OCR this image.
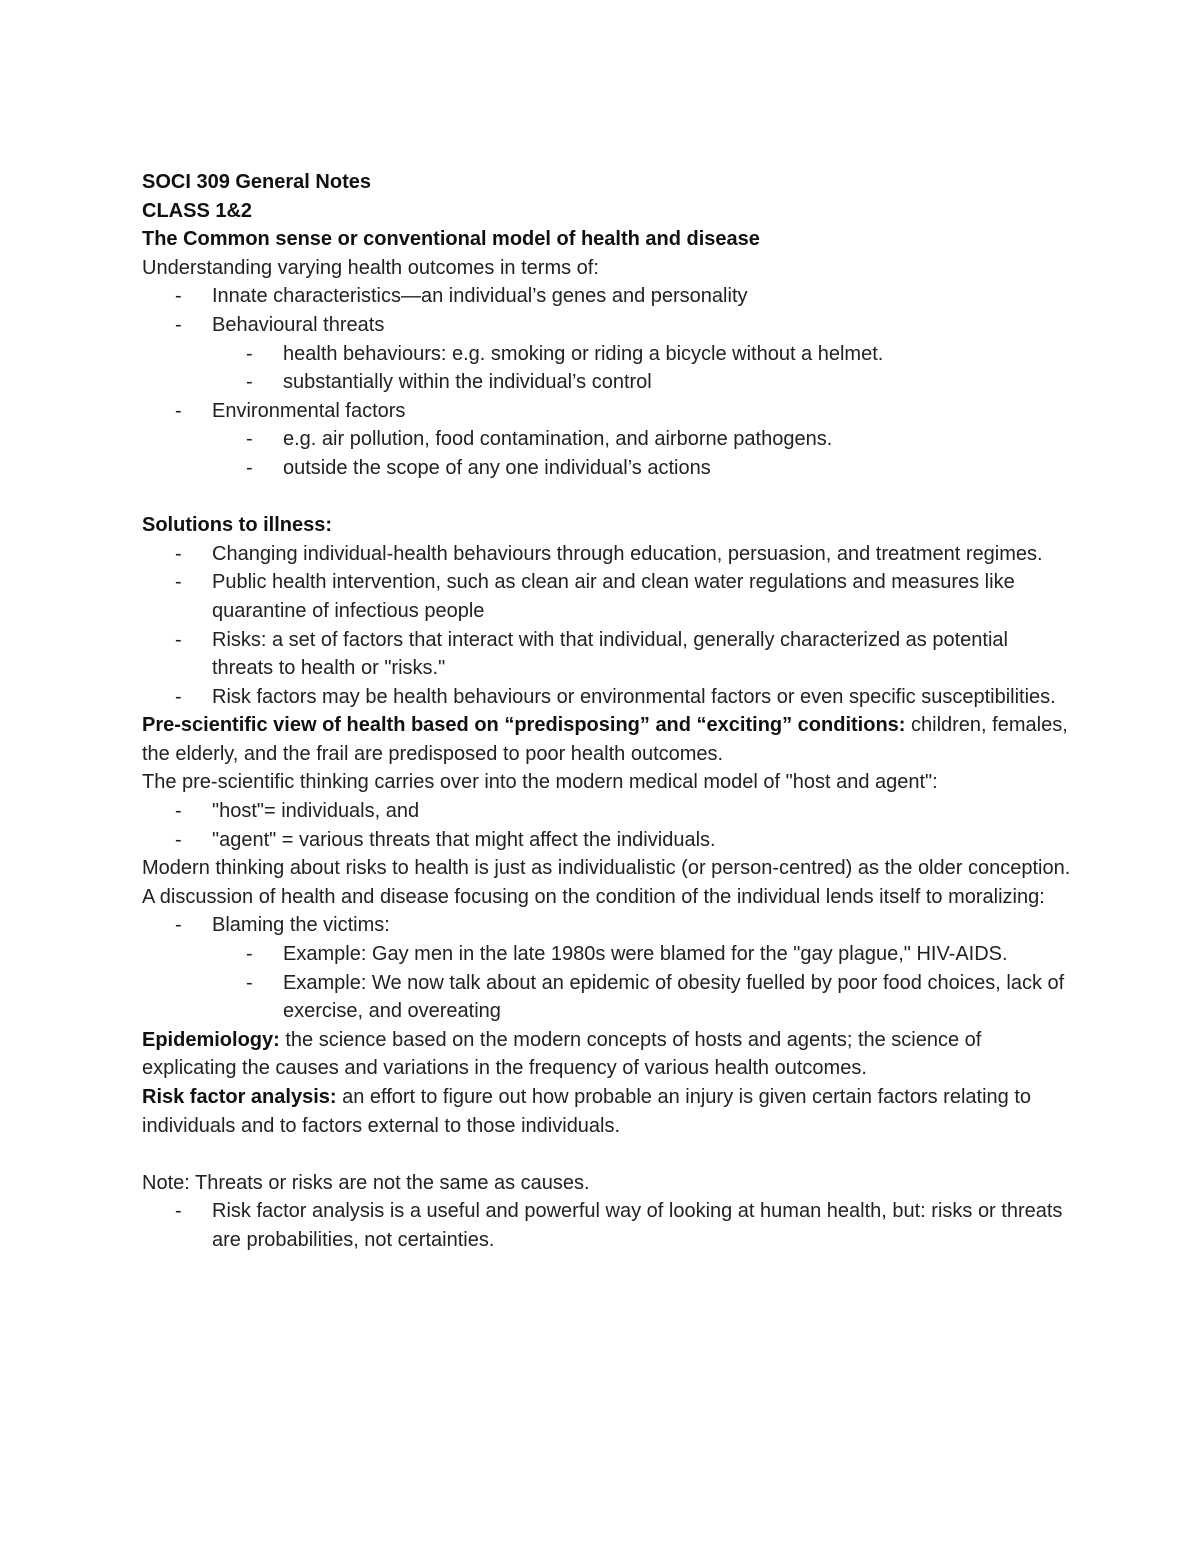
SOCI 309 General Notes
CLASS 1&2
The Common sense or conventional model of health and disease
Understanding varying health outcomes in terms of:
- Innate characteristics—an individual’s genes and personality
- Behavioural threats
- health behaviours: e.g. smoking or riding a bicycle without a helmet.
- substantially within the individual’s control
- Environmental factors
- e.g. air pollution, food contamination, and airborne pathogens.
- outside the scope of any one individual’s actions
Solutions to illness:
- Changing individual-health behaviours through education, persuasion, and treatment regimes.
- Public health intervention, such as clean air and clean water regulations and measures like quarantine of infectious people
- Risks: a set of factors that interact with that individual, generally characterized as potential threats to health or "risks."
- Risk factors may be health behaviours or environmental factors or even specific susceptibilities.
Pre-scientific view of health based on “predisposing” and “exciting” conditions: children, females, the elderly, and the frail are predisposed to poor health outcomes.
The pre-scientific thinking carries over into the modern medical model of "host and agent":
- "host"= individuals, and
- "agent" = various threats that might affect the individuals.
Modern thinking about risks to health is just as individualistic (or person-centred) as the older conception.
A discussion of health and disease focusing on the condition of the individual lends itself to moralizing:
- Blaming the victims:
- Example: Gay men in the late 1980s were blamed for the "gay plague," HIV-AIDS.
- Example: We now talk about an epidemic of obesity fuelled by poor food choices, lack of exercise, and overeating
Epidemiology: the science based on the modern concepts of hosts and agents; the science of explicating the causes and variations in the frequency of various health outcomes.
Risk factor analysis: an effort to figure out how probable an injury is given certain factors relating to individuals and to factors external to those individuals.
Note: Threats or risks are not the same as causes.
- Risk factor analysis is a useful and powerful way of looking at human health, but: risks or threats are probabilities, not certainties.
